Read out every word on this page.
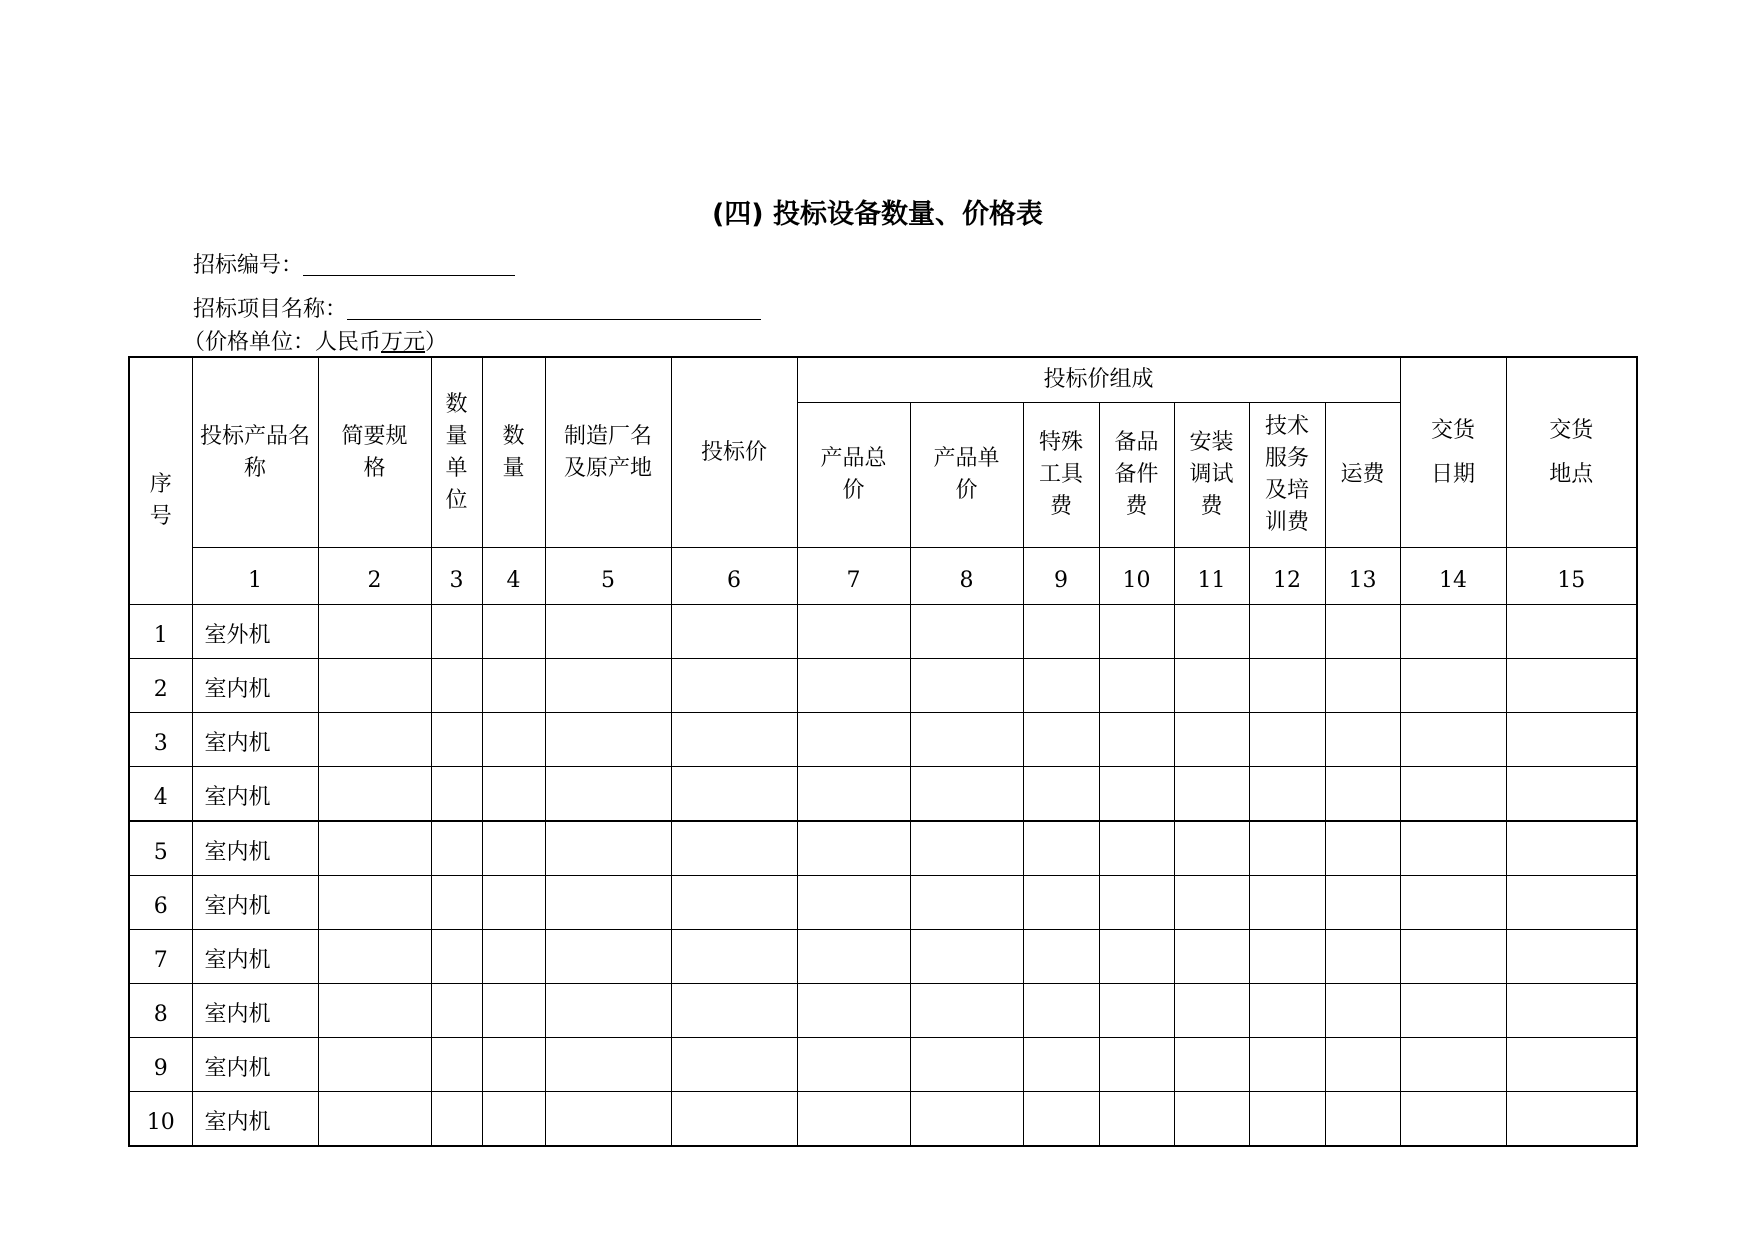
(四) 投标设备数量、价格表
招标编号：
招标项目名称：
（价格单位：人民币万元）
序号	投标产品名称	简要规格	数量单位	数量	制造厂名及原产地	投标价	投标价组成							交货日期	交货地点

							产品总价	产品单价	特殊工具费	备品备件费	安装调试费	技术服务及培训费	运费		
	1	2	3	4	5	6	7	8	9	10	11	12	13	14	15
1	室外机														
2	室内机														
3	室内机														
4	室内机														
5	室内机														
6	室内机														
7	室内机														
8	室内机														
9	室内机														
10	室内机														
